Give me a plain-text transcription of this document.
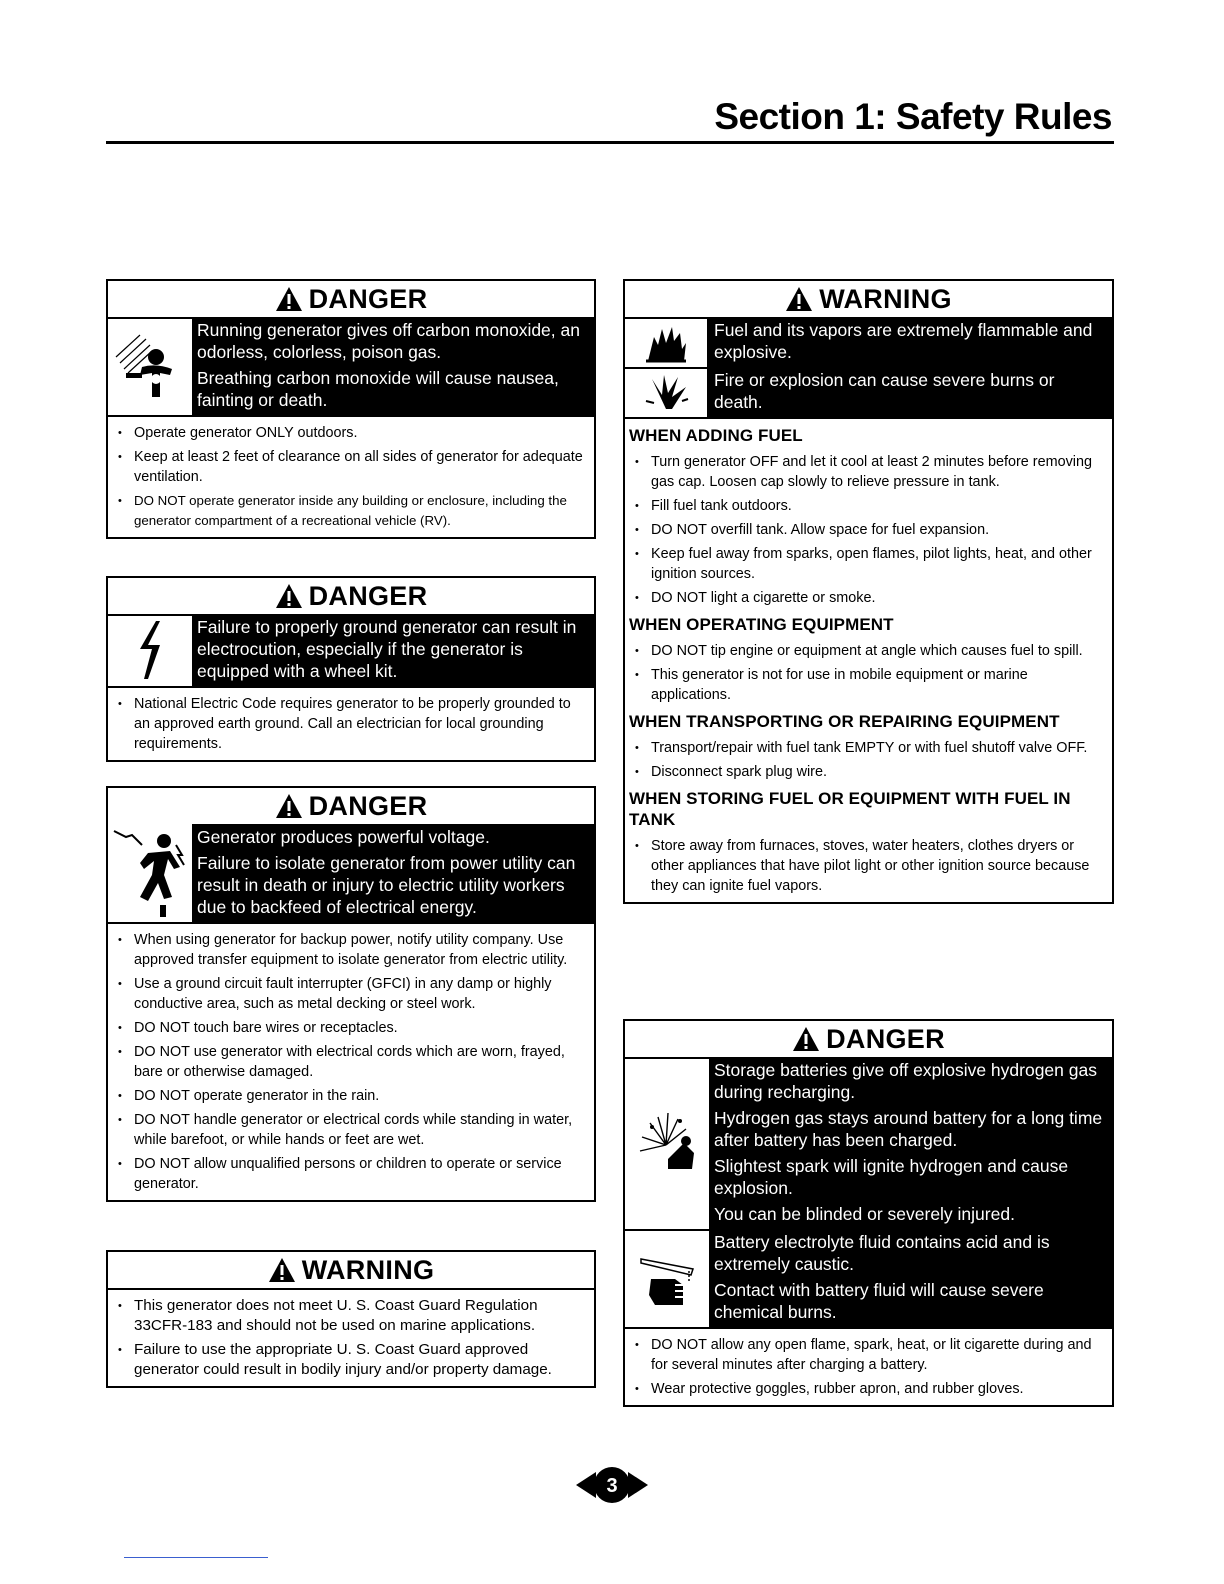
Section 1: Safety Rules
DANGER

Running generator gives off carbon monoxide, an odorless, colorless, poison gas.

Breathing carbon monoxide will cause nausea, fainting or death.

• Operate generator ONLY outdoors.
• Keep at least 2 feet of clearance on all sides of generator for adequate ventilation.
• DO NOT operate generator inside any building or enclosure, including the generator compartment of a recreational vehicle (RV).
DANGER

Failure to properly ground generator can result in electrocution, especially if the generator is equipped with a wheel kit.

• National Electric Code requires generator to be properly grounded to an approved earth ground. Call an electrician for local grounding requirements.
DANGER

Generator produces powerful voltage.

Failure to isolate generator from power utility can result in death or injury to electric utility workers due to backfeed of electrical energy.

• When using generator for backup power, notify utility company. Use approved transfer equipment to isolate generator from electric utility.
• Use a ground circuit fault interrupter (GFCI) in any damp or highly conductive area, such as metal decking or steel work.
• DO NOT touch bare wires or receptacles.
• DO NOT use generator with electrical cords which are worn, frayed, bare or otherwise damaged.
• DO NOT operate generator in the rain.
• DO NOT handle generator or electrical cords while standing in water, while barefoot, or while hands or feet are wet.
• DO NOT allow unqualified persons or children to operate or service generator.
WARNING
• This generator does not meet U. S. Coast Guard Regulation 33CFR-183 and should not be used on marine applications.
• Failure to use the appropriate U. S. Coast Guard approved generator could result in bodily injury and/or property damage.
WARNING

Fuel and its vapors are extremely flammable and explosive.

Fire or explosion can cause severe burns or death.

WHEN ADDING FUEL
• Turn generator OFF and let it cool at least 2 minutes before removing gas cap. Loosen cap slowly to relieve pressure in tank.
• Fill fuel tank outdoors.
• DO NOT overfill tank. Allow space for fuel expansion.
• Keep fuel away from sparks, open flames, pilot lights, heat, and other ignition sources.
• DO NOT light a cigarette or smoke.
WHEN OPERATING EQUIPMENT
• DO NOT tip engine or equipment at angle which causes fuel to spill.
• This generator is not for use in mobile equipment or marine applications.
WHEN TRANSPORTING OR REPAIRING EQUIPMENT
• Transport/repair with fuel tank EMPTY or with fuel shutoff valve OFF.
• Disconnect spark plug wire.
WHEN STORING FUEL OR EQUIPMENT WITH FUEL IN TANK
• Store away from furnaces, stoves, water heaters, clothes dryers or other appliances that have pilot light or other ignition source because they can ignite fuel vapors.
DANGER

Storage batteries give off explosive hydrogen gas during recharging.

Hydrogen gas stays around battery for a long time after battery has been charged.

Slightest spark will ignite hydrogen and cause explosion.

You can be blinded or severely injured.

Battery electrolyte fluid contains acid and is extremely caustic.

Contact with battery fluid will cause severe chemical burns.

• DO NOT allow any open flame, spark, heat, or lit cigarette during and for several minutes after charging a battery.
• Wear protective goggles, rubber apron, and rubber gloves.
3
